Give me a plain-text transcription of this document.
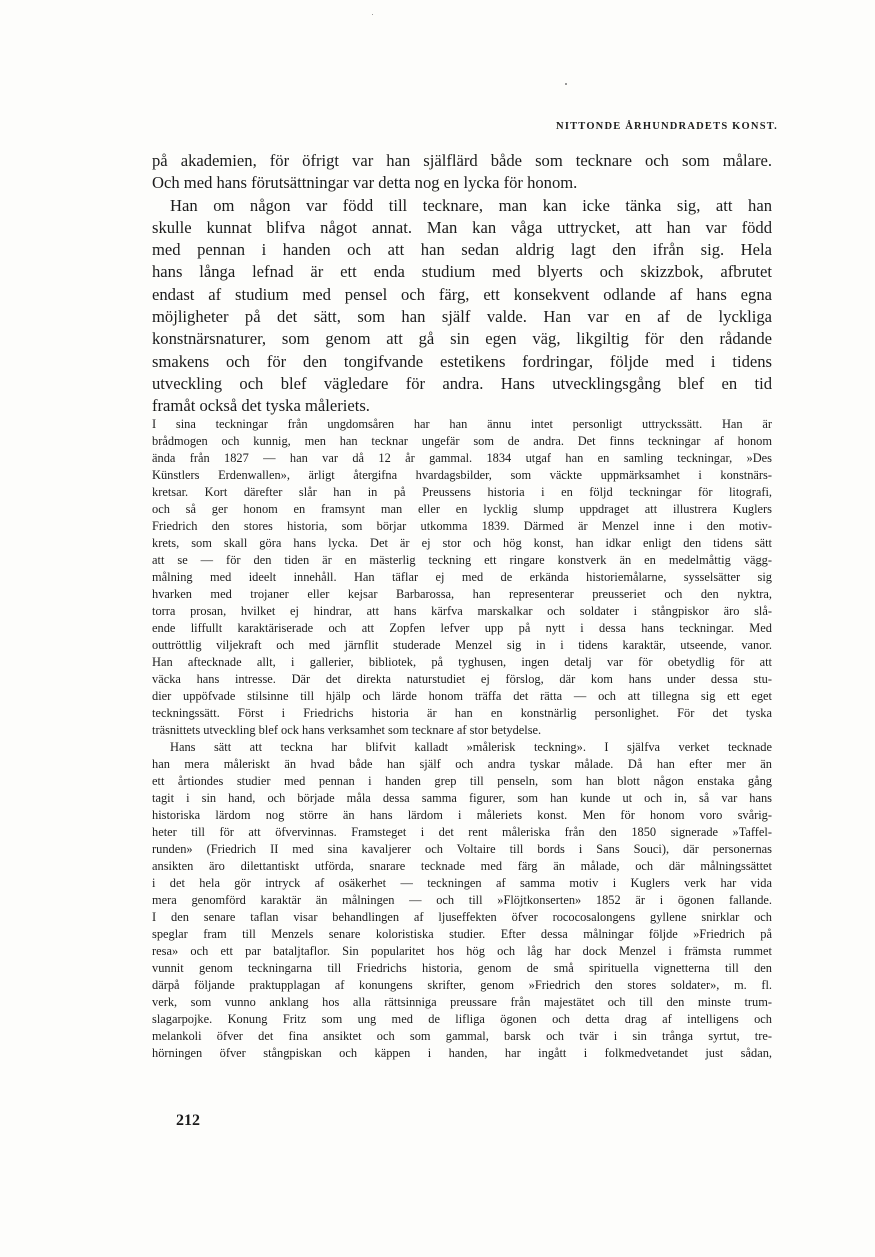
NITTONDE ÅRHUNDRADETS KONST.
på akademien, för öfrigt var han själflärd både som tecknare och som målare.
Och med hans förutsättningar var detta nog en lycka för honom.
Han om någon var född till tecknare, man kan icke tänka sig, att han
skulle kunnat blifva något annat. Man kan våga uttrycket, att han var född
med pennan i handen och att han sedan aldrig lagt den ifrån sig. Hela
hans långa lefnad är ett enda studium med blyerts och skizzbok, afbrutet
endast af studium med pensel och färg, ett konsekvent odlande af hans egna
möjligheter på det sätt, som han själf valde. Han var en af de lyckliga
konstnärsnaturer, som genom att gå sin egen väg, likgiltig för den rådande
smakens och för den tongifvande estetikens fordringar, följde med i tidens
utveckling och blef vägledare för andra. Hans utvecklingsgång blef en tid
framåt också det tyska måleriets.
I sina teckningar från ungdomsåren har han ännu intet personligt uttryckssätt. Han är
brådmogen och kunnig, men han tecknar ungefär som de andra. Det finns teckningar af honom
ända från 1827 — han var då 12 år gammal. 1834 utgaf han en samling teckningar, »Des
Künstlers Erdenwallen», ärligt återgifna hvardagsbilder, som väckte uppmärksamhet i konstnärs-
kretsar. Kort därefter slår han in på Preussens historia i en följd teckningar för litografi,
och så ger honom en framsynt man eller en lycklig slump uppdraget att illustrera Kuglers
Friedrich den stores historia, som börjar utkomma 1839. Därmed är Menzel inne i den motiv-
krets, som skall göra hans lycka. Det är ej stor och hög konst, han idkar enligt den tidens sätt
att se — för den tiden är en mästerlig teckning ett ringare konstverk än en medelmåttig vägg-
målning med ideelt innehåll. Han täflar ej med de erkända historiemålarne, sysselsätter sig
hvarken med trojaner eller kejsar Barbarossa, han representerar preusseriet och den nyktra,
torra prosan, hvilket ej hindrar, att hans kärfva marskalkar och soldater i stångpiskor äro slå-
ende liffullt karaktäriserade och att Zopfen lefver upp på nytt i dessa hans teckningar. Med
outtröttlig viljekraft och med järnflit studerade Menzel sig in i tidens karaktär, utseende, vanor.
Han aftecknade allt, i gallerier, bibliotek, på tyghusen, ingen detalj var för obetydlig för att
väcka hans intresse. Där det direkta naturstudiet ej förslog, där kom hans under dessa stu-
dier uppöfvade stilsinne till hjälp och lärde honom träffa det rätta — och att tillegna sig ett eget
teckningssätt. Först i Friedrichs historia är han en konstnärlig personlighet. För det tyska
träsnittets utveckling blef ock hans verksamhet som tecknare af stor betydelse.
Hans sätt att teckna har blifvit kalladt »målerisk teckning». I själfva verket tecknade
han mera måleriskt än hvad både han själf och andra tyskar målade. Då han efter mer än
ett årtiondes studier med pennan i handen grep till penseln, som han blott någon enstaka gång
tagit i sin hand, och började måla dessa samma figurer, som han kunde ut och in, så var hans
historiska lärdom nog större än hans lärdom i måleriets konst. Men för honom voro svårig-
heter till för att öfvervinnas. Framsteget i det rent måleriska från den 1850 signerade »Taffel-
runden» (Friedrich II med sina kavaljerer och Voltaire till bords i Sans Souci), där personernas
ansikten äro dilettantiskt utförda, snarare tecknade med färg än målade, och där målningssättet
i det hela gör intryck af osäkerhet — teckningen af samma motiv i Kuglers verk har vida
mera genomförd karaktär än målningen — och till »Flöjtkonserten» 1852 är i ögonen fallande.
I den senare taflan visar behandlingen af ljuseffekten öfver rococosalongens gyllene snirklar och
speglar fram till Menzels senare koloristiska studier. Efter dessa målningar följde »Friedrich på
resa» och ett par bataljtaflor. Sin popularitet hos hög och låg har dock Menzel i främsta rummet
vunnit genom teckningarna till Friedrichs historia, genom de små spirituella vignetterna till den
därpå följande praktupplagan af konungens skrifter, genom »Friedrich den stores soldater», m. fl.
verk, som vunno anklang hos alla rättsinniga preussare från majestätet och till den minste trum-
slagarpojke. Konung Fritz som ung med de lifliga ögonen och detta drag af intelligens och
melankoli öfver det fina ansiktet och som gammal, barsk och tvär i sin trånga syrtut, tre-
hörningen öfver stångpiskan och käppen i handen, har ingått i folkmedvetandet just sådan,
212
